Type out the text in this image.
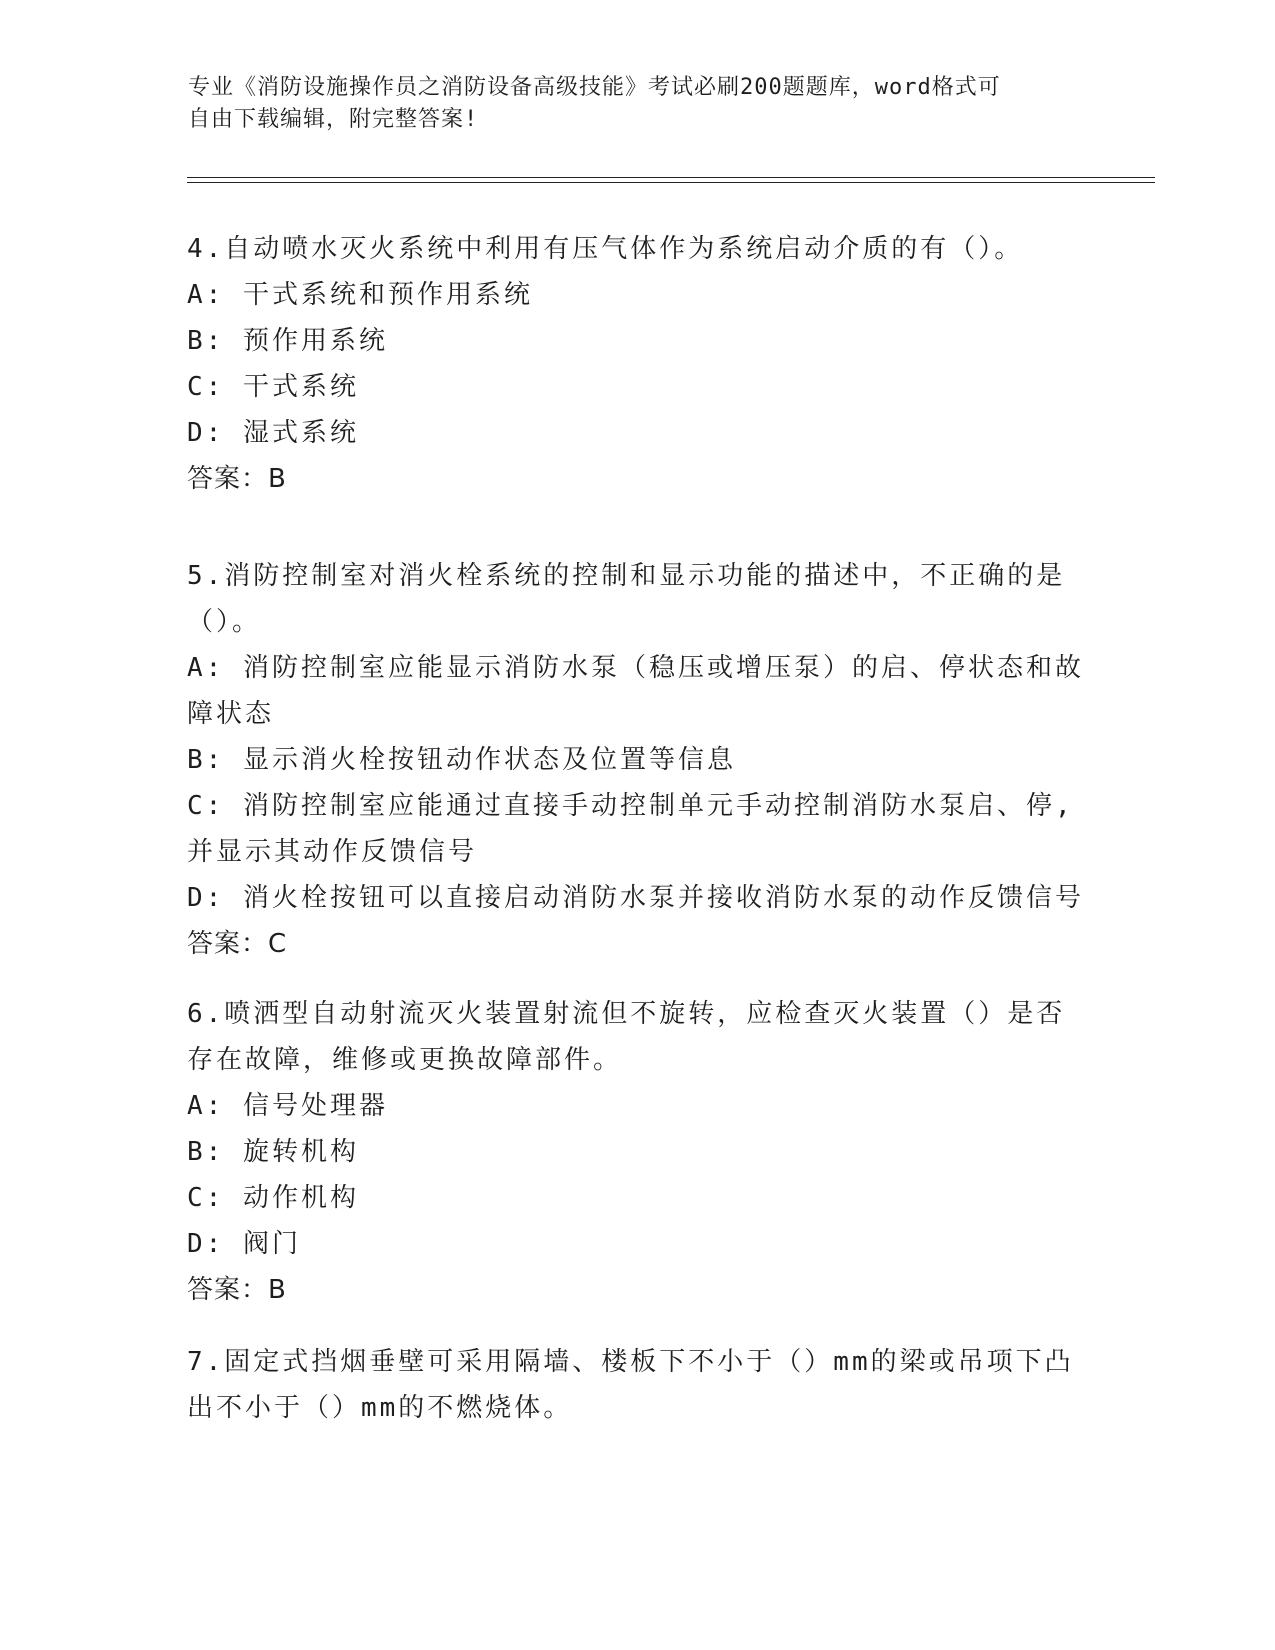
专业《消防设施操作员之消防设备高级技能》考试必刷200题题库，word格式可
自由下载编辑，附完整答案!

4.自动喷水灭火系统中利用有压气体作为系统启动介质的有（）。

A: 干式系统和预作用系统

B: 预作用系统

C: 干式系统

D: 湿式系统

答案：B

5.消防控制室对消火栓系统的控制和显示功能的描述中，不正确的是
（）。

A: 消防控制室应能显示消防水泵（稳压或增压泵）的启、停状态和故
障状态

B: 显示消火栓按钮动作状态及位置等信息

C: 消防控制室应能通过直接手动控制单元手动控制消防水泵启、停,
并显示其动作反馈信号

D: 消火栓按钮可以直接启动消防水泵并接收消防水泵的动作反馈信号

答案：C

6.喷洒型自动射流灭火装置射流但不旋转，应检查灭火装置（）是否
存在故障，维修或更换故障部件。

A: 信号处理器

B: 旋转机构

C: 动作机构

D: 阀门

答案：B

7.固定式挡烟垂壁可采用隔墙、楼板下不小于（）mm的梁或吊项下凸
出不小于（）mm的不燃烧体。
